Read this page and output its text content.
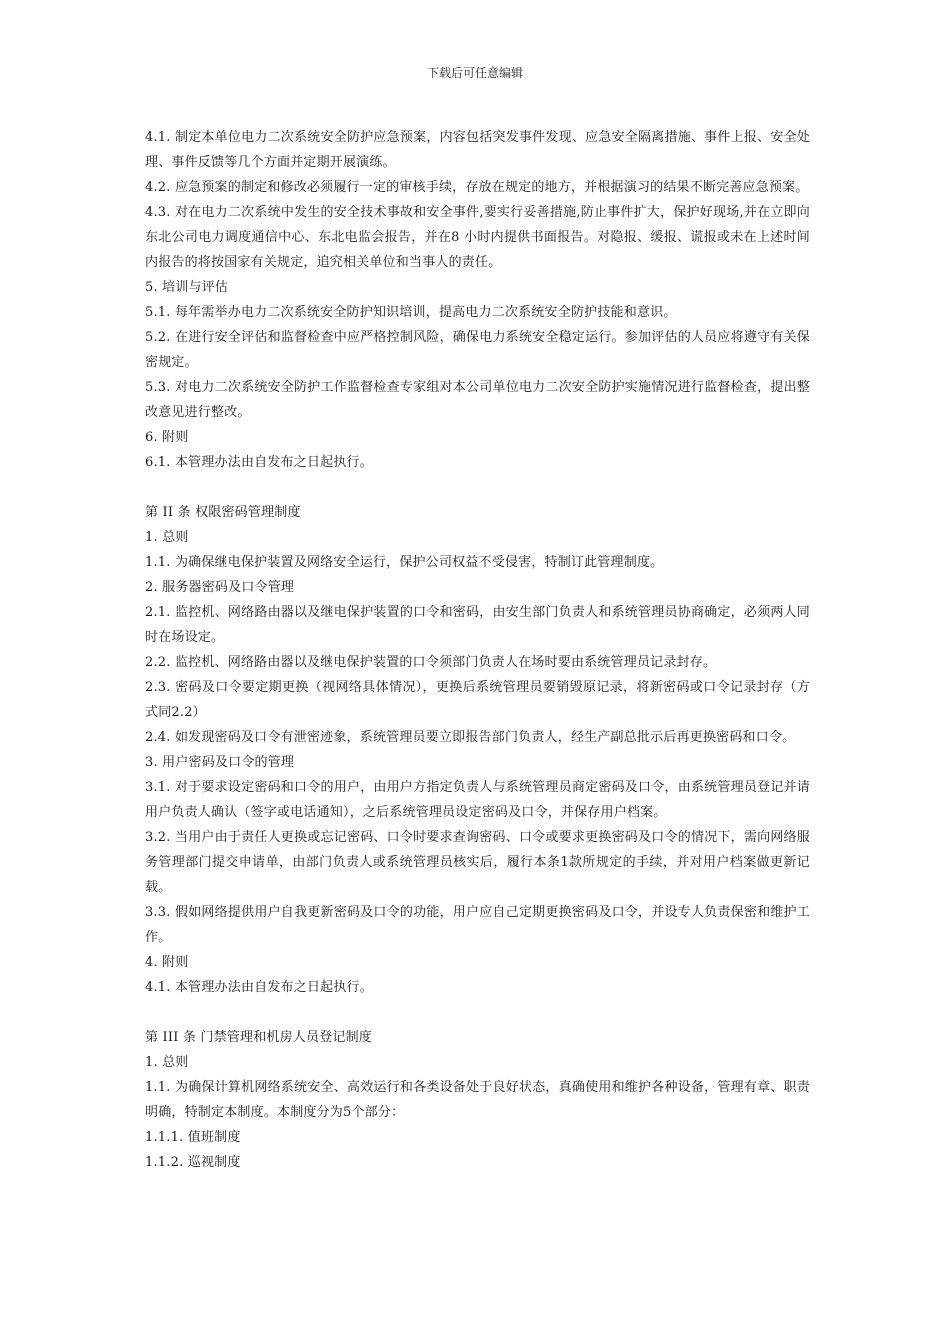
下载后可任意编辑

4.1. 制定本单位电力二次系统安全防护应急预案，内容包括突发事件发现、应急安全隔离措施、事件上报、安全处理、事件反馈等几个方面并定期开展演练。

4.2. 应急预案的制定和修改必须履行一定的审核手续，存放在规定的地方，并根据演习的结果不断完善应急预案。

4.3. 对在电力二次系统中发生的安全技术事故和安全事件,要实行妥善措施,防止事件扩大，保护好现场,并在立即向东北公司电力调度通信中心、东北电监会报告，并在8 小时内提供书面报告。对隐报、缓报、谎报或未在上述时间内报告的将按国家有关规定，追究相关单位和当事人的责任。

5. 培训与评估

5.1. 每年需举办电力二次系统安全防护知识培训，提高电力二次系统安全防护技能和意识。

5.2. 在进行安全评估和监督检查中应严格控制风险，确保电力系统安全稳定运行。参加评估的人员应将遵守有关保密规定。

5.3. 对电力二次系统安全防护工作监督检查专家组对本公司单位电力二次安全防护实施情况进行监督检查，提出整改意见进行整改。

6. 附则

6.1. 本管理办法由自发布之日起执行。

第 II 条 权限密码管理制度

1. 总则

1.1. 为确保继电保护装置及网络安全运行，保护公司权益不受侵害，特制订此管理制度。

2. 服务器密码及口令管理

2.1. 监控机、网络路由器以及继电保护装置的口令和密码，由安生部门负责人和系统管理员协商确定，必须两人同时在场设定。

2.2. 监控机、网络路由器以及继电保护装置的口令须部门负责人在场时要由系统管理员记录封存。

2.3. 密码及口令要定期更换（视网络具体情况），更换后系统管理员要销毁原记录，将新密码或口令记录封存（方式同2.2）

2.4. 如发现密码及口令有泄密迹象，系统管理员要立即报告部门负责人，经生产副总批示后再更换密码和口令。

3. 用户密码及口令的管理

3.1. 对于要求设定密码和口令的用户，由用户方指定负责人与系统管理员商定密码及口令，由系统管理员登记并请用户负责人确认（签字或电话通知），之后系统管理员设定密码及口令，并保存用户档案。

3.2. 当用户由于责任人更换或忘记密码、口令时要求查询密码、口令或要求更换密码及口令的情况下，需向网络服务管理部门提交申请单，由部门负责人或系统管理员核实后，履行本条1款所规定的手续，并对用户档案做更新记载。

3.3. 假如网络提供用户自我更新密码及口令的功能，用户应自己定期更换密码及口令，并设专人负责保密和维护工作。

4. 附则

4.1. 本管理办法由自发布之日起执行。

第 III 条 门禁管理和机房人员登记制度

1. 总则

1.1. 为确保计算机网络系统安全、高效运行和各类设备处于良好状态，真确使用和维护各种设备，管理有章、职责明确，特制定本制度。本制度分为5个部分：

1.1.1. 值班制度

1.1.2. 巡视制度
